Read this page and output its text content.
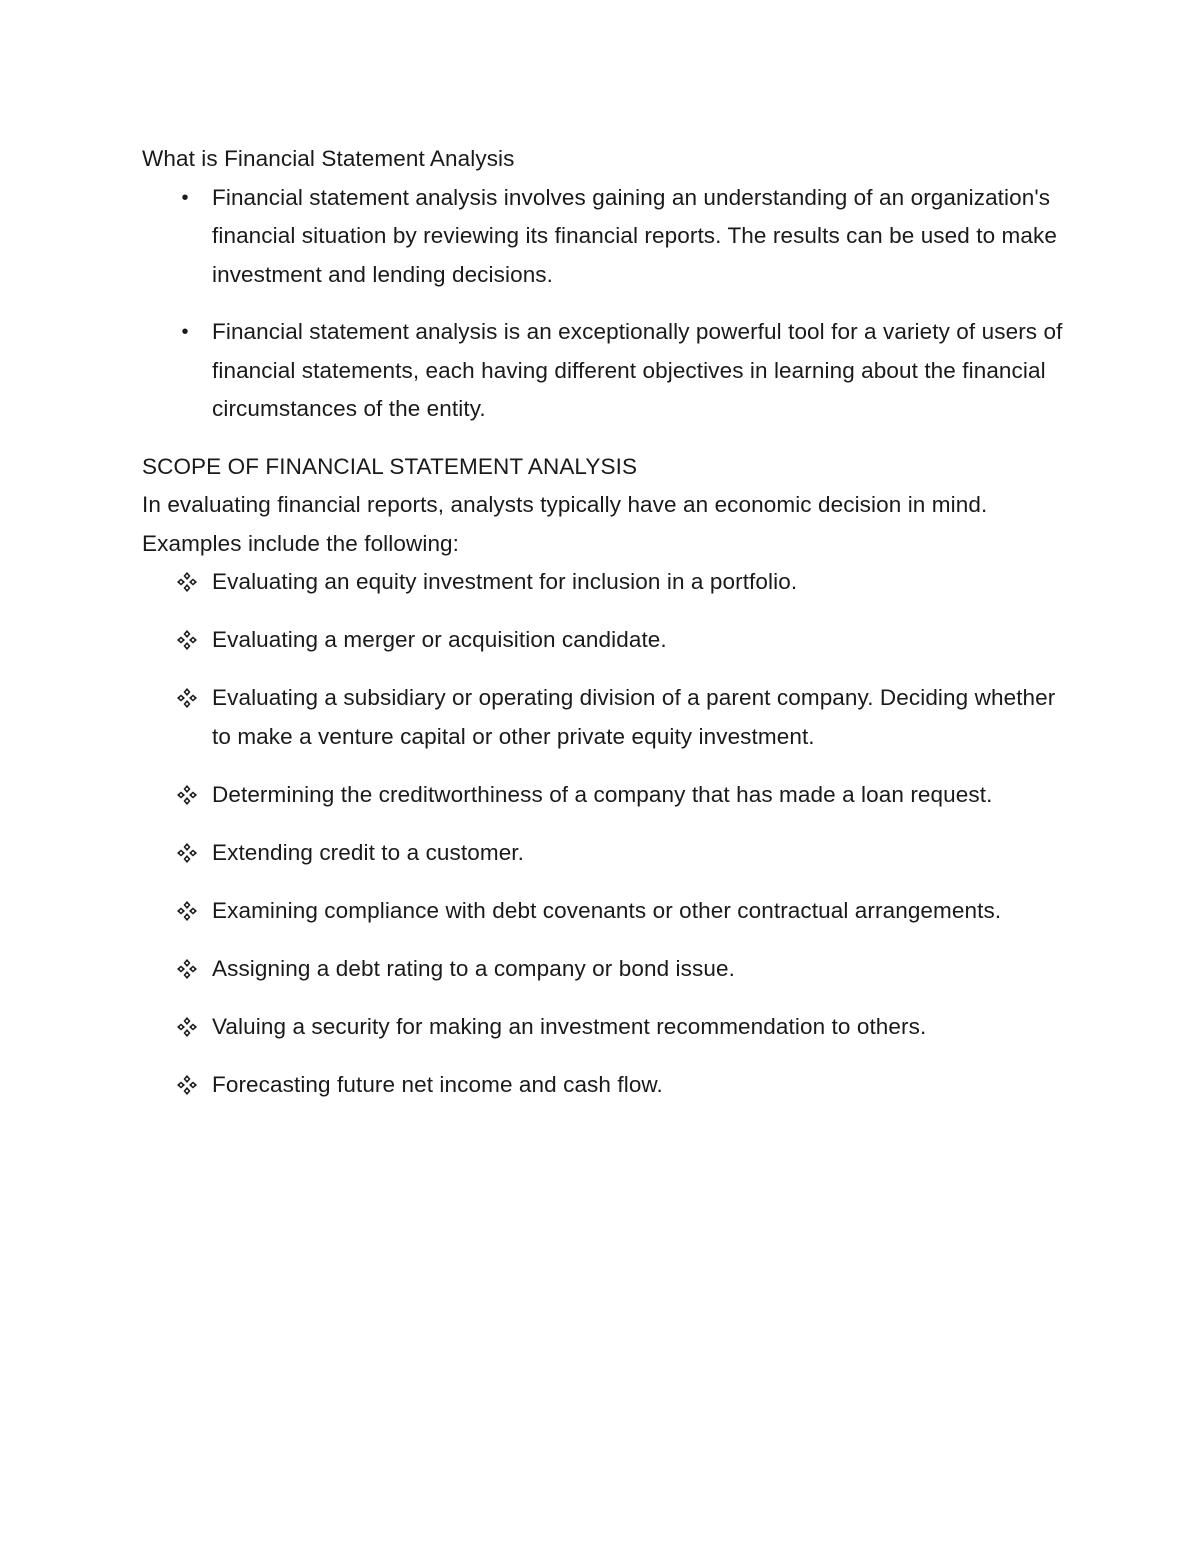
What is Financial Statement Analysis

• Financial statement analysis involves gaining an understanding of an organization's financial situation by reviewing its financial reports. The results can be used to make investment and lending decisions.
• Financial statement analysis is an exceptionally powerful tool for a variety of users of financial statements, each having different objectives in learning about the financial circumstances of the entity.

SCOPE OF FINANCIAL STATEMENT ANALYSIS

In evaluating financial reports, analysts typically have an economic decision in mind. Examples include the following:

Evaluating an equity investment for inclusion in a portfolio.
Evaluating a merger or acquisition candidate.
Evaluating a subsidiary or operating division of a parent company. Deciding whether to make a venture capital or other private equity investment.
Determining the creditworthiness of a company that has made a loan request.
Extending credit to a customer.
Examining compliance with debt covenants or other contractual arrangements.
Assigning a debt rating to a company or bond issue.
Valuing a security for making an investment recommendation to others.
Forecasting future net income and cash flow.
